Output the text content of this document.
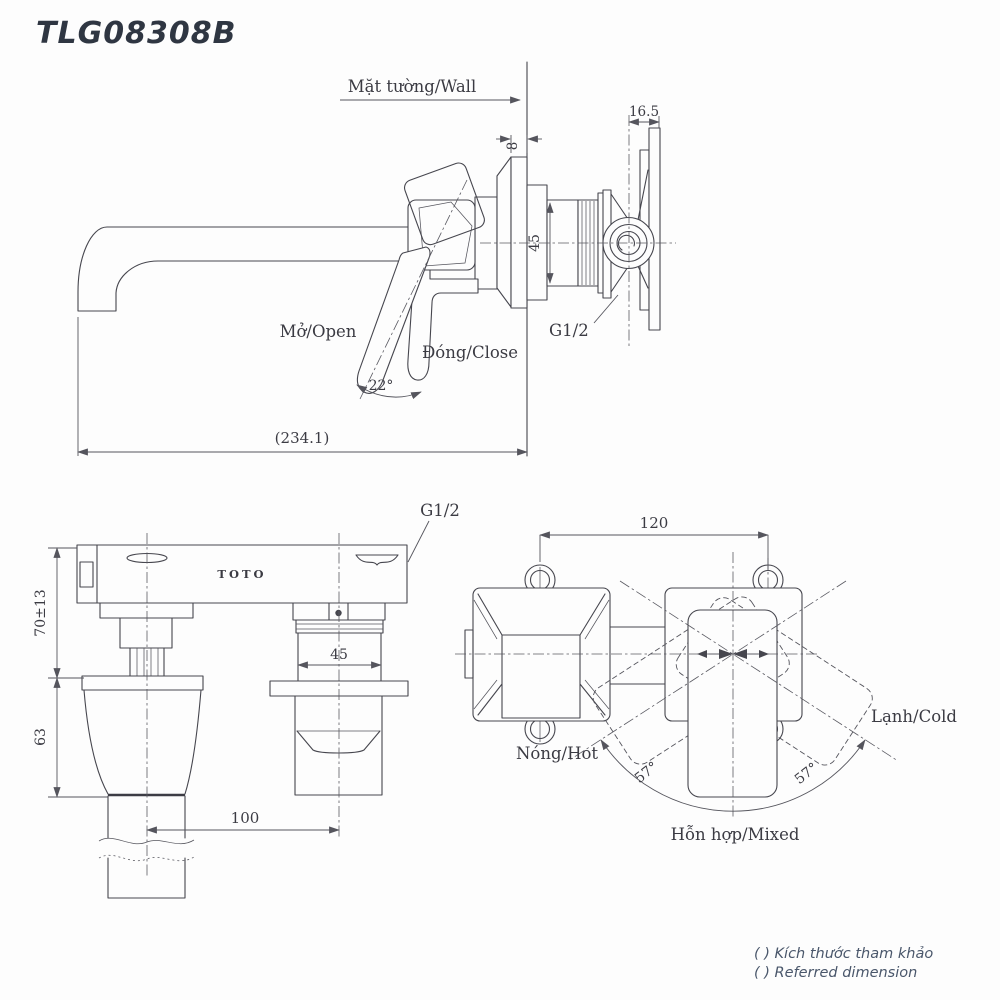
TLG08308B
Mặt tường/Wall
22°
Mở/Open
Đóng/Close
8
16.5
45
G1/2
(234.1)
TOTO
G1/2
45
70±13
63
100
57°	57°
120
Nóng/Hot
Lạnh/Cold
Hỗn hợp/Mixed
( ) Kích thước tham khảo
( ) Referred dimension
